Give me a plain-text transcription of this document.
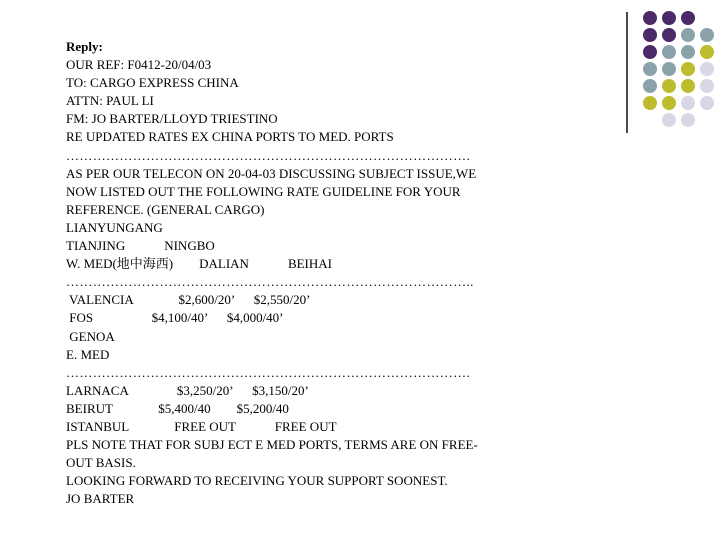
Reply:
OUR REF: F0412-20/04/03
TO: CARGO EXPRESS CHINA
ATTN: PAUL LI
FM: JO BARTER/LLOYD TRIESTINO
RE UPDATED RATES EX CHINA PORTS TO MED. PORTS
……………………………………………………………………………….
AS PER OUR TELECON ON 20-04-03 DISCUSSING SUBJECT ISSUE,WE
NOW LISTED OUT THE FOLLOWING RATE GUIDELINE FOR YOUR
REFERENCE. (GENERAL CARGO)
LIANYUNGANG
TIANJING            NINGBO
W. MED(地中海西)        DALIAN            BEIHAI
………………………………………………………………………………..
VALENCIA              $2,600/20’      $2,550/20’
FOS                  $4,100/40’      $4,000/40’
GENOA
E. MED
……………………………………………………………………………….
LARNACA               $3,250/20’      $3,150/20’
BEIRUT              $5,400/40        $5,200/40
ISTANBUL              FREE OUT            FREE OUT
PLS NOTE THAT FOR SUBJ ECT E MED PORTS, TERMS ARE ON FREE-
OUT BASIS.
LOOKING FORWARD TO RECEIVING YOUR SUPPORT SOONEST.
JO BARTER
